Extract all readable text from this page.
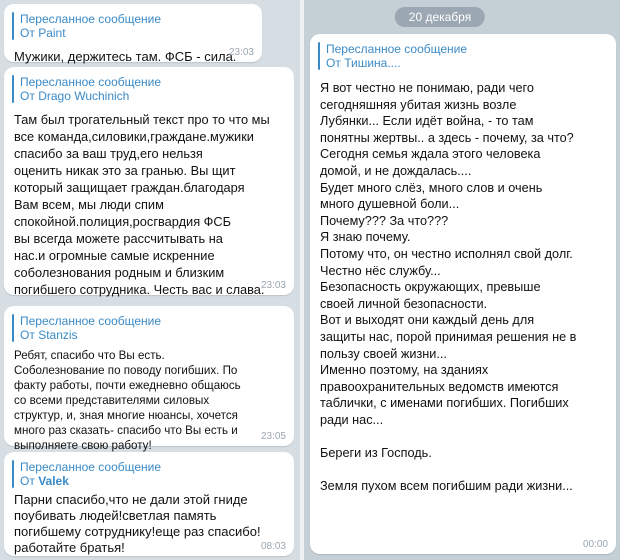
Пересланное сообщение
От Paint
Мужики, держитесь там. ФСБ - сила.
23:03
Пересланное сообщение
От Drago Wuchinich
Там был трогательный текст про то что мы
все команда,силовики,граждане.мужики
спасибо за ваш труд,его нельзя
оценить никак это за гранью. Вы щит
который защищает граждан.благодаря
Вам всем, мы люди спим
спокойной.полиция,росгвардия ФСБ
вы всегда можете рассчитывать на
нас.и огромные самые искренние
соболезнования родным и близким
погибшего сотрудника. Честь вас и слава.
23:03
Пересланное сообщение
От Stanzis
Ребят, спасибо что Вы есть.
Соболезнование по поводу погибших. По
факту работы, почти ежедневно общаюсь
со всеми представителями силовых
структур, и, зная многие нюансы, хочется
много раз сказать- спасибо что Вы есть и
выполняете свою работу!
23:05
Пересланное сообщение
От Valek
Парни спасибо,что не дали этой гниде
поубивать людей!светлая память
погибшему сотруднику!еще раз спасибо!
работайте братья!	08:03
20 декабря
Пересланное сообщение
От Тишина....
Я вот честно не понимаю, ради чего
сегодняшняя убитая жизнь возле
Лубянки... Если идёт война, - то там
понятны жертвы.. а здесь - почему, за что?
Сегодня семья ждала этого человека
домой, и не дождалась....
Будет много слёз, много слов и очень
много душевной боли...
Почему??? За что???
Я знаю почему.
Потому что, он честно исполнял свой долг.
Честно нёс службу...
Безопасность окружающих, превыше
своей личной безопасности.
Вот и выходят они каждый день для
защиты нас, порой принимая решения не в
пользу своей жизни...
Именно поэтому, на зданиях
правоохранительных ведомств имеются
таблички, с именами погибших. Погибших
ради нас...

Береги из Господь.

Земля пухом всем погибшим ради жизни...
00:00
